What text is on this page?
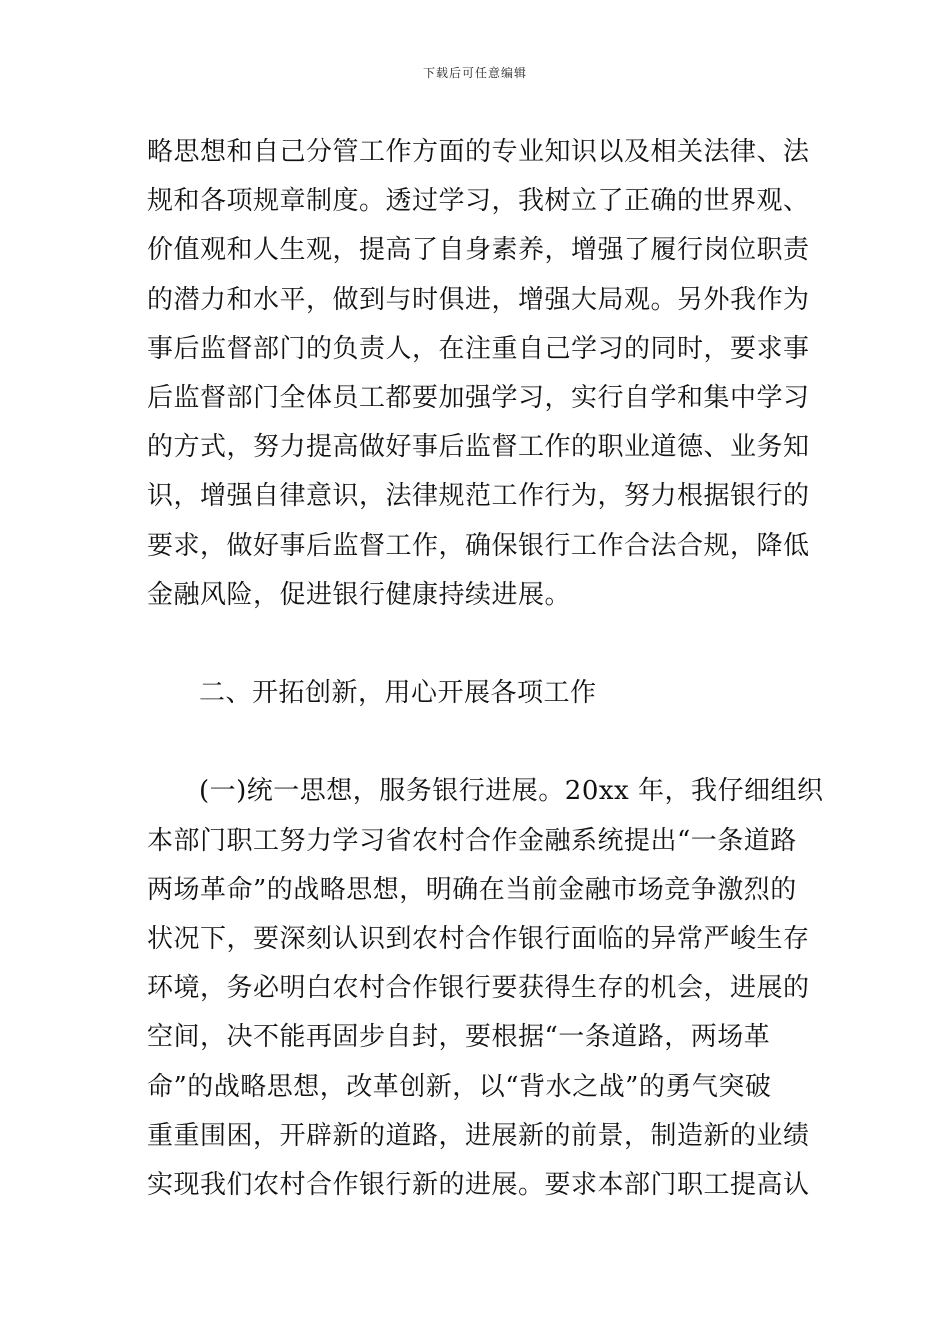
下载后可任意编辑
略思想和自己分管工作方面的专业知识以及相关法律、法
规和各项规章制度。透过学习，我树立了正确的世界观、
价值观和人生观，提高了自身素养，增强了履行岗位职责
的潜力和水平，做到与时俱进，增强大局观。另外我作为
事后监督部门的负责人，在注重自己学习的同时，要求事
后监督部门全体员工都要加强学习，实行自学和集中学习
的方式，努力提高做好事后监督工作的职业道德、业务知
识，增强自律意识，法律规范工作行为，努力根据银行的
要求，做好事后监督工作，确保银行工作合法合规，降低
金融风险，促进银行健康持续进展。
二、开拓创新，用心开展各项工作
(一)统一思想，服务银行进展。20xx 年，我仔细组织
本部门职工努力学习省农村合作金融系统提出“一条道路
两场革命”的战略思想，明确在当前金融市场竞争激烈的
状况下，要深刻认识到农村合作银行面临的异常严峻生存
环境，务必明白农村合作银行要获得生存的机会，进展的
空间，决不能再固步自封，要根据“一条道路，两场革
命”的战略思想，改革创新，以“背水之战”的勇气突破
重重围困，开辟新的道路，进展新的前景，制造新的业绩
实现我们农村合作银行新的进展。要求本部门职工提高认
